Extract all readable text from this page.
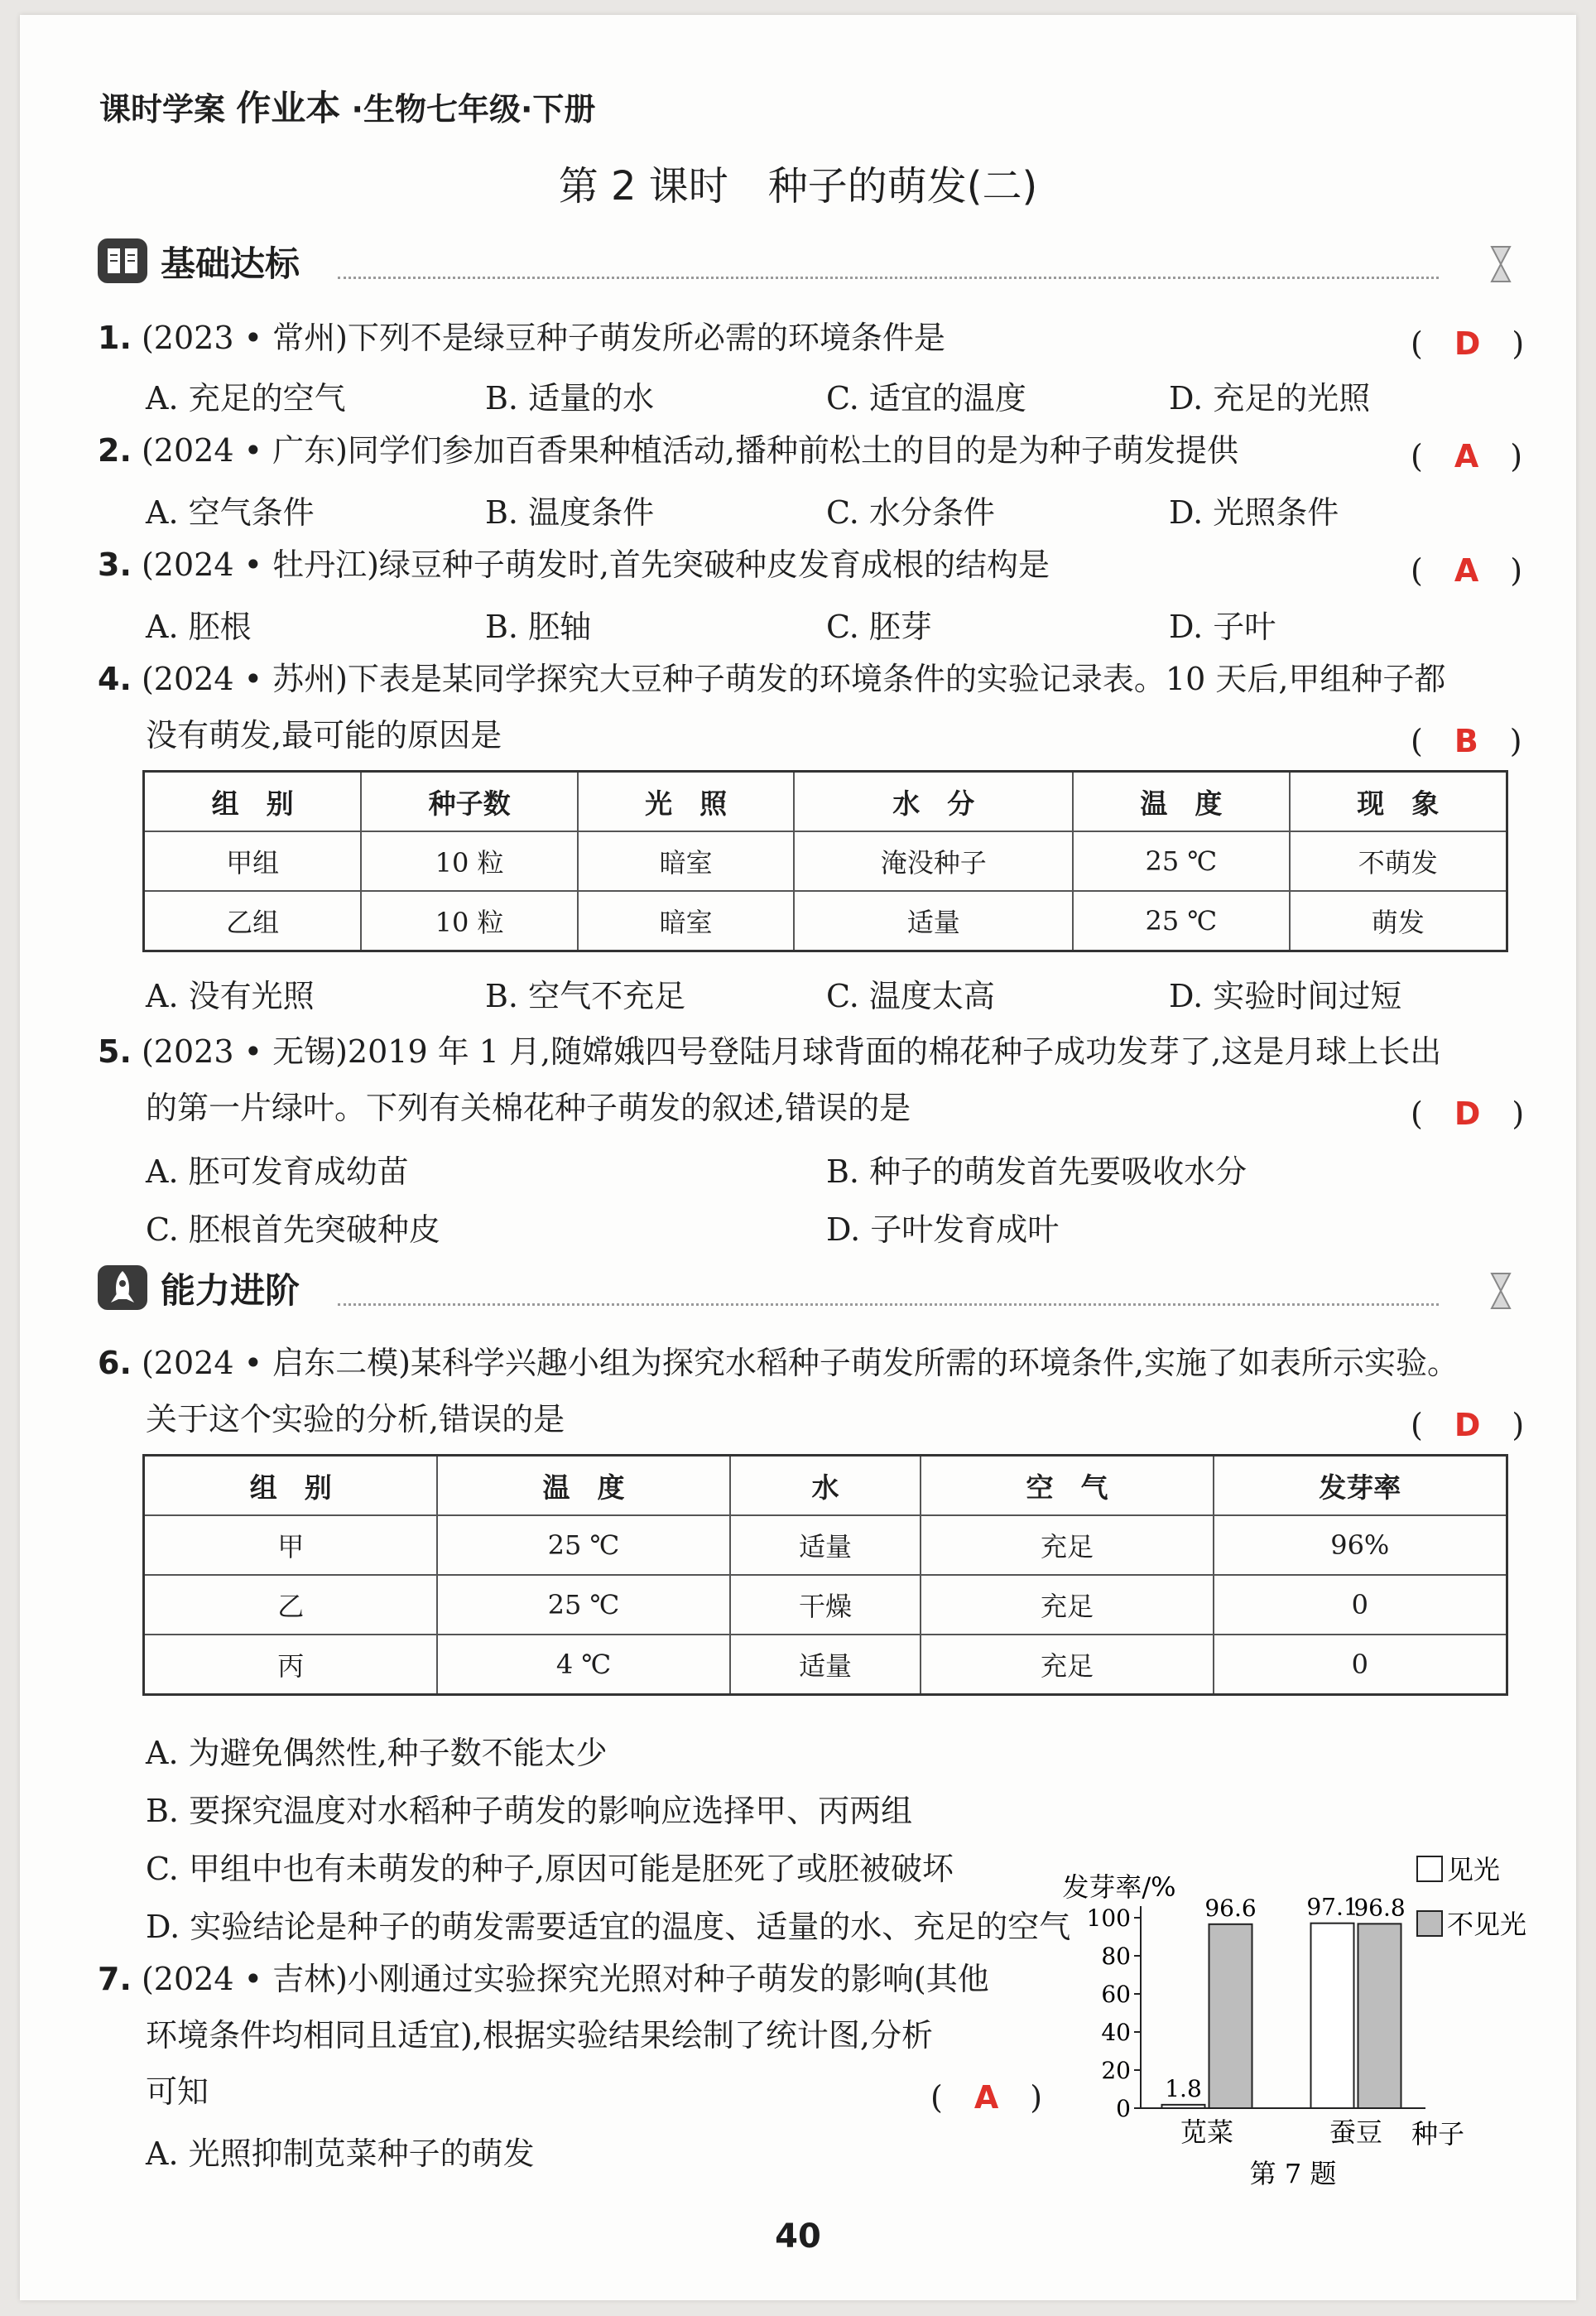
课时学案 作业本 ·生物七年级·下册
第 2 课时　种子的萌发(二)
基础达标
1. (2023 • 常州)下列不是绿豆种子萌发所必需的环境条件是	(　D　)
A. 充足的空气	B. 适量的水	C. 适宜的温度	D. 充足的光照
2. (2024 • 广东)同学们参加百香果种植活动,播种前松土的目的是为种子萌发提供	(　A　)
A. 空气条件	B. 温度条件	C. 水分条件	D. 光照条件
3. (2024 • 牡丹江)绿豆种子萌发时,首先突破种皮发育成根的结构是	(　A　)
A. 胚根	B. 胚轴	C. 胚芽	D. 子叶
4. (2024 • 苏州)下表是某同学探究大豆种子萌发的环境条件的实验记录表。10 天后,甲组种子都
没有萌发,最可能的原因是	(　B　)
组　别	种子数	光　照	水　分	温　度	现　象
甲组	10 粒	暗室	淹没种子	25 ℃	不萌发
乙组	10 粒	暗室	适量	25 ℃	萌发
A. 没有光照	B. 空气不充足	C. 温度太高	D. 实验时间过短
5. (2023 • 无锡)2019 年 1 月,随嫦娥四号登陆月球背面的棉花种子成功发芽了,这是月球上长出
的第一片绿叶。下列有关棉花种子萌发的叙述,错误的是	(　D　)
A. 胚可发育成幼苗	B. 种子的萌发首先要吸收水分
C. 胚根首先突破种皮	D. 子叶发育成叶
能力进阶
6. (2024 • 启东二模)某科学兴趣小组为探究水稻种子萌发所需的环境条件,实施了如表所示实验。
关于这个实验的分析,错误的是	(　D　)
组　别	温　度	水	空　气	发芽率
甲	25 ℃	适量	充足	96%
乙	25 ℃	干燥	充足	0
丙	4 ℃	适量	充足	0
A. 为避免偶然性,种子数不能太少
B. 要探究温度对水稻种子萌发的影响应选择甲、丙两组
C. 甲组中也有未萌发的种子,原因可能是胚死了或胚被破坏
D. 实验结论是种子的萌发需要适宜的温度、适量的水、充足的空气
7. (2024 • 吉林)小刚通过实验探究光照对种子萌发的影响(其他
环境条件均相同且适宜),根据实验结果绘制了统计图,分析
可知	(　A　)
A. 光照抑制苋菜种子的萌发
发芽率/%
见光
不见光
0
20
40
60
80
100
1.8
96.6 97.1
96.8
苋菜	蚕豆 种子
第 7 题
40
